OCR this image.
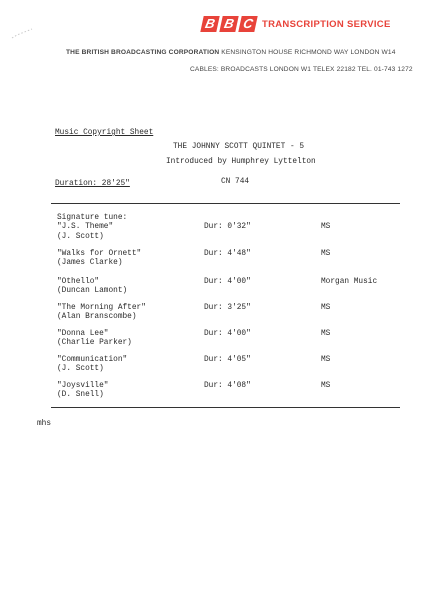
B B C TRANSCRIPTION SERVICE
THE BRITISH BROADCASTING CORPORATION KENSINGTON HOUSE RICHMOND WAY LONDON W14
CABLES: BROADCASTS LONDON W1 TELEX 22182 TEL. 01-743 1272
Music Copyright Sheet
THE JOHNNY SCOTT QUINTET - 5
Introduced by Humphrey Lyttelton
CN 744
Duration: 28'25"
Signature tune:
"J.S. Theme"
(J. Scott)
Dur: 0'32"	MS
"Walks for Ornett"
(James Clarke)
Dur: 4'48"	MS
"Othello"
(Duncan Lamont)
Dur: 4'00"	Morgan Music
"The Morning After"
(Alan Branscombe)
Dur: 3'25"	MS
"Donna Lee"
(Charlie Parker)
Dur: 4'00"	MS
"Communication"
(J. Scott)
Dur: 4'05"	MS
"Joysville"
(D. Snell)
Dur: 4'08"	MS
mhs
